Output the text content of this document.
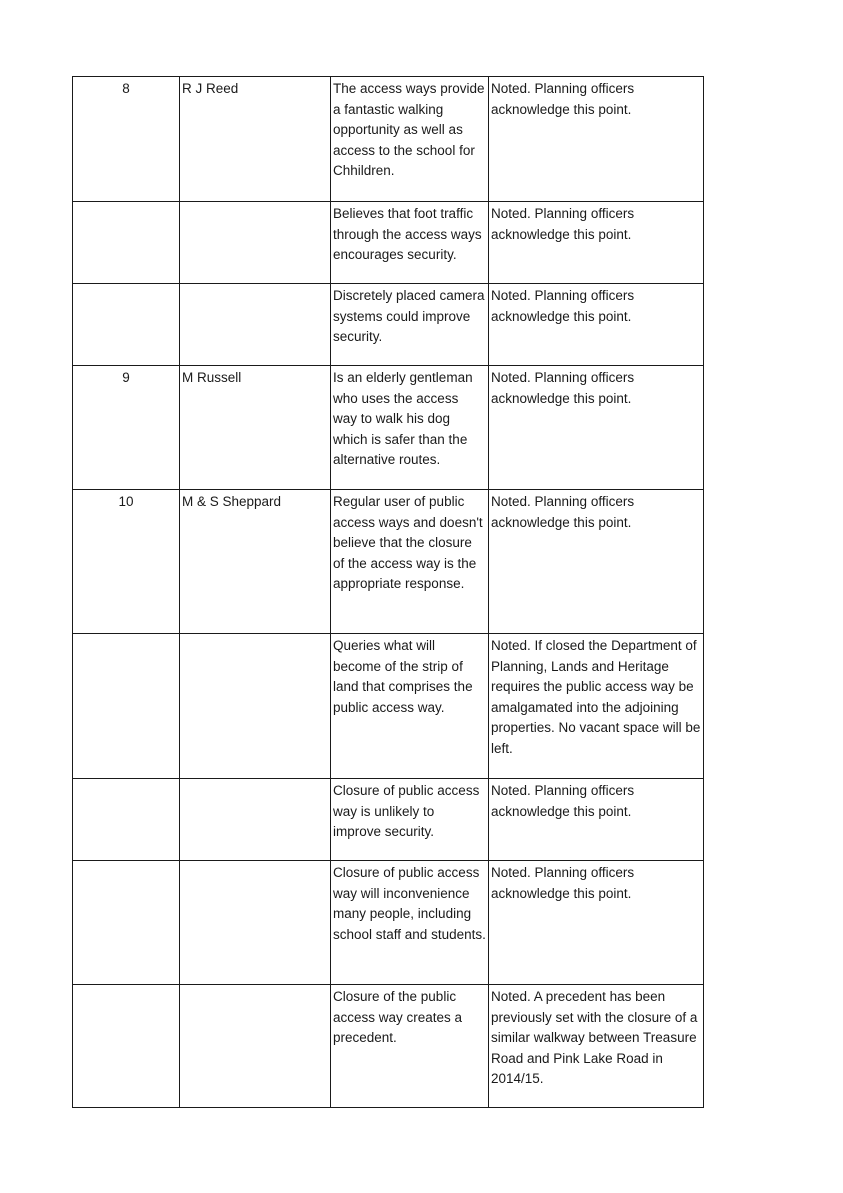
8	R J Reed	The access ways provide a fantastic walking opportunity as well as access to the school for Chhildren.	Noted. Planning officers acknowledge this point.
		Believes that foot traffic through the access ways encourages security.	Noted. Planning officers acknowledge this point.
		Discretely placed camera systems could improve security.	Noted. Planning officers acknowledge this point.
9	M Russell	Is an elderly gentleman who uses the access way to walk his dog which is safer than the alternative routes.	Noted. Planning officers acknowledge this point.
10	M & S Sheppard	Regular user of public access ways and doesn't believe that the closure of the access way is the appropriate response.	Noted. Planning officers acknowledge this point.
		Queries what will become of the strip of land that comprises the public access way.	Noted. If closed the Department of Planning, Lands and Heritage requires the public access way be amalgamated into the adjoining properties. No vacant space will be left.
		Closure of public access way is unlikely to improve security.	Noted. Planning officers acknowledge this point.
		Closure of public access way will inconvenience many people, including school staff and students.	Noted. Planning officers acknowledge this point.
		Closure of the public access way creates a precedent.	Noted. A precedent has been previously set with the closure of a similar walkway between Treasure Road and Pink Lake Road in 2014/15.
